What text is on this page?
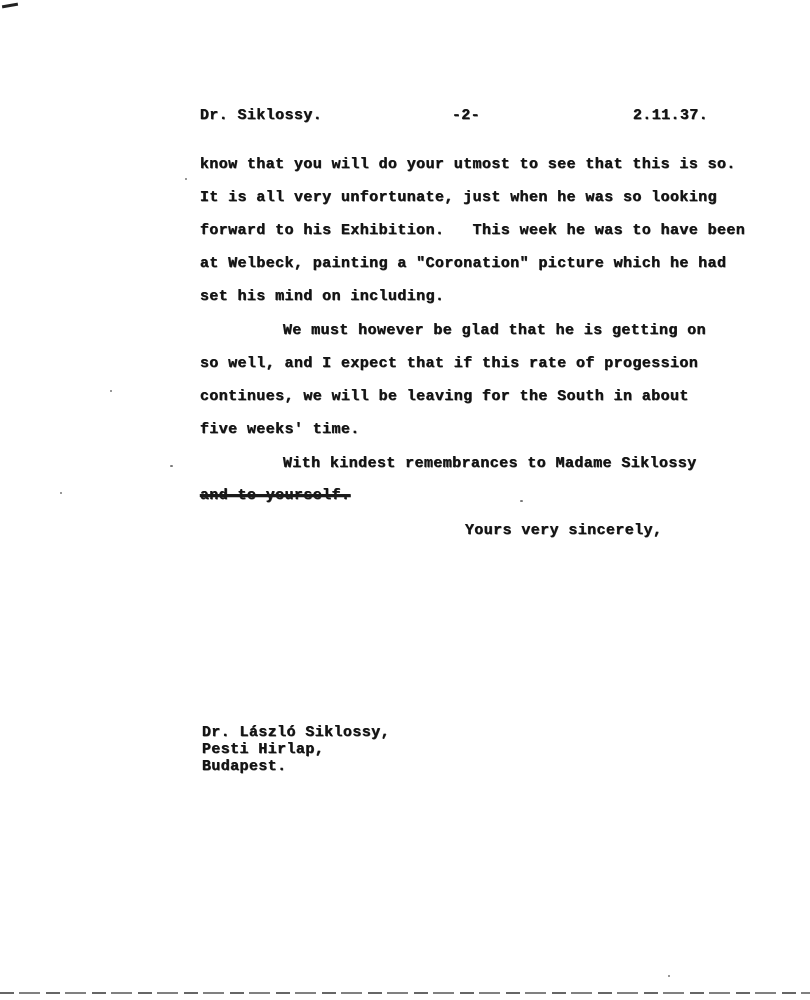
Dr. Siklossy.	-2-	2.11.37.
know that you will do your utmost to see that this is so.
It is all very unfortunate, just when he was so looking
forward to his Exhibition.   This week he was to have been
at Welbeck, painting a "Coronation" picture which he had
set his mind on including.
We must however be glad that he is getting on
so well, and I expect that if this rate of progession
continues, we will be leaving for the South in about
five weeks' time.
With kindest remembrances to Madame Siklossy
and to yourself.
Yours very sincerely,
Dr. László Siklossy,
Pesti Hirlap,
Budapest.
